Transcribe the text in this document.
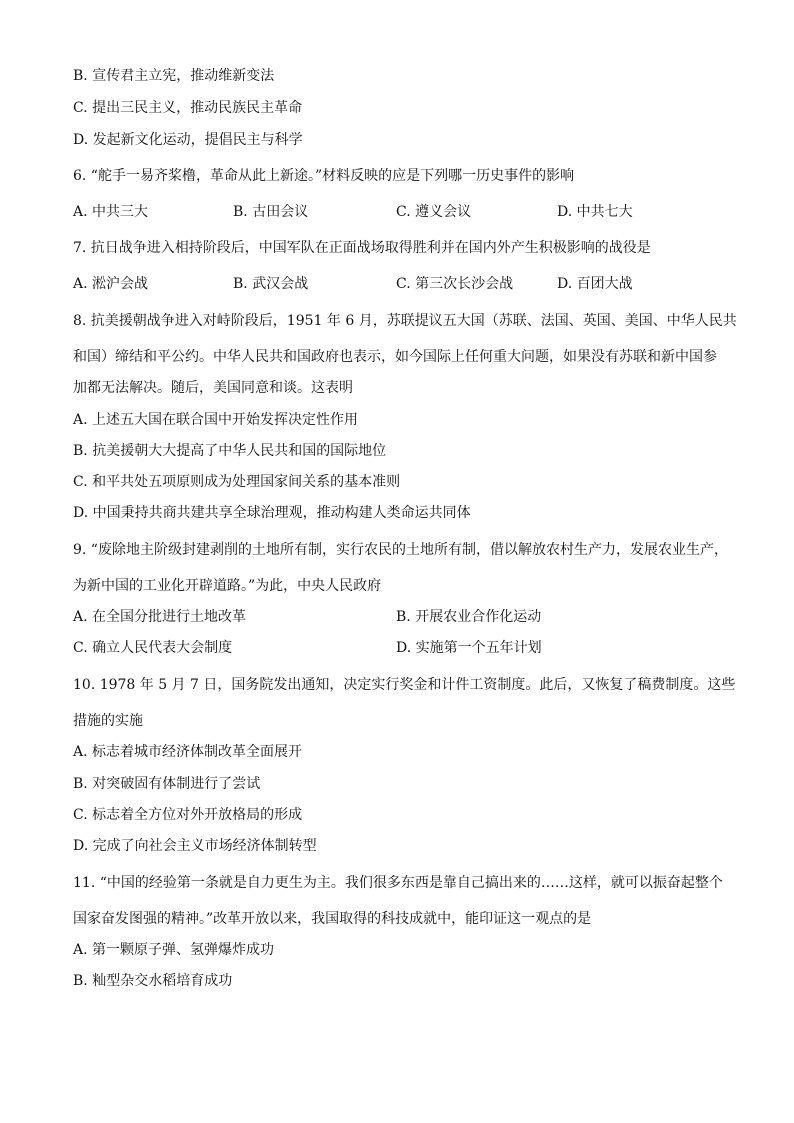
B. 宣传君主立宪，推动维新变法
C. 提出三民主义，推动民族民主革命
D. 发起新文化运动，提倡民主与科学
6. “舵手一易齐桨橹，革命从此上新途。”材料反映的应是下列哪一历史事件的影响
A. 中共三大	B. 古田会议	C. 遵义会议	D. 中共七大
7. 抗日战争进入相持阶段后，中国军队在正面战场取得胜利并在国内外产生积极影响的战役是
A. 淞沪会战	B. 武汉会战	C. 第三次长沙会战	D. 百团大战
8. 抗美援朝战争进入对峙阶段后，1951 年 6 月，苏联提议五大国（苏联、法国、英国、美国、中华人民共
和国）缔结和平公约。中华人民共和国政府也表示，如今国际上任何重大问题，如果没有苏联和新中国参
加都无法解决。随后，美国同意和谈。这表明
A. 上述五大国在联合国中开始发挥决定性作用
B. 抗美援朝大大提高了中华人民共和国的国际地位
C. 和平共处五项原则成为处理国家间关系的基本准则
D. 中国秉持共商共建共享全球治理观，推动构建人类命运共同体
9. “废除地主阶级封建剥削的土地所有制，实行农民的土地所有制，借以解放农村生产力，发展农业生产，
为新中国的工业化开辟道路。”为此，中央人民政府
A. 在全国分批进行土地改革	B. 开展农业合作化运动
C. 确立人民代表大会制度	D. 实施第一个五年计划
10. 1978 年 5 月 7 日，国务院发出通知，决定实行奖金和计件工资制度。此后，又恢复了稿费制度。这些
措施的实施
A. 标志着城市经济体制改革全面展开
B. 对突破固有体制进行了尝试
C. 标志着全方位对外开放格局的形成
D. 完成了向社会主义市场经济体制转型
11. “中国的经验第一条就是自力更生为主。我们很多东西是靠自己搞出来的……这样，就可以振奋起整个
国家奋发图强的精神。”改革开放以来，我国取得的科技成就中，能印证这一观点的是
A. 第一颗原子弹、氢弹爆炸成功
B. 籼型杂交水稻培育成功
